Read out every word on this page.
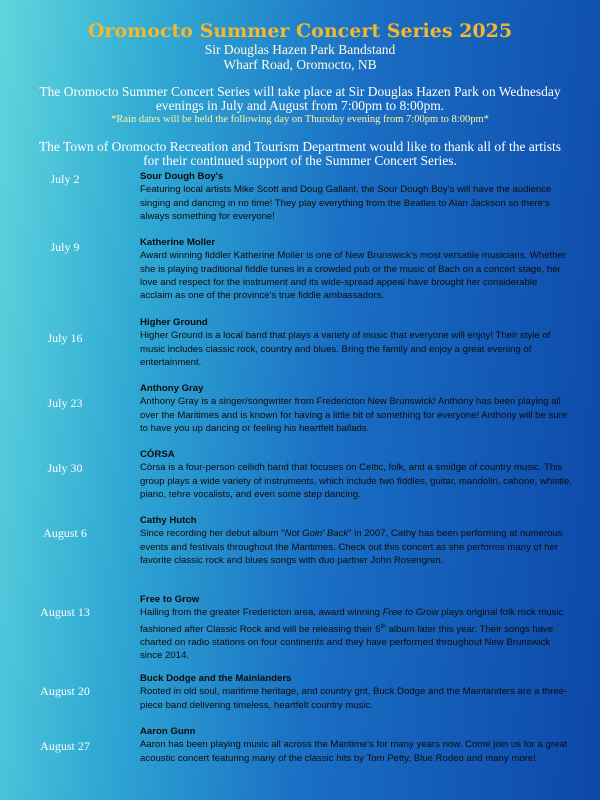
Oromocto Summer Concert Series 2025

Sir Douglas Hazen Park Bandstand

Wharf Road, Oromocto, NB

The Oromocto Summer Concert Series will take place at Sir Douglas Hazen Park on Wednesday evenings in July and August from 7:00pm to 8:00pm.

*Rain dates will be held the following day on Thursday evening from 7:00pm to 8:00pm*

The Town of Oromocto Recreation and Tourism Department would like to thank all of the artists for their continued support of the Summer Concert Series.

July 2	Sour Dough Boy's
Featuring local artists Mike Scott and Doug Gallant, the Sour Dough Boy's will have the audience singing and dancing in no time! They play everything from the Beatles to Alan Jackson so there's always something for everyone!
July 9	Katherine Moller
Award winning fiddler Katherine Moller is one of New Brunswick's most versatile musicians. Whether she is playing traditional fiddle tunes in a crowded pub or the music of Bach on a concert stage, her love and respect for the instrument and its wide-spread appeal have brought her considerable acclaim as one of the province's true fiddle ambassadors.
July 16
Higher Ground
Higher Ground is a local band that plays a variety of music that everyone will enjoy! Their style of music includes classic rock, country and blues. Bring the family and enjoy a great evening of entertainment.
July 23
Anthony Gray
Anthony Gray is a singer/songwriter from Fredericton New Brunswick! Anthony has been playing all over the Maritimes and is known for having a little bit of something for everyone! Anthony will be sure to have you up dancing or feeling his heartfelt ballads.
July 30
CÒRSA
Còrsa is a four-person ceilidh band that focuses on Celtic, folk, and a smidge of country music. This group plays a wide variety of instruments, which include two fiddles, guitar, mandolin, cahone, whistle, piano, tehre vocalists, and even some step dancing.
August 6
Cathy Hutch
Since recording her debut album “Not Goin' Back” in 2007, Cathy has been performing at numerous events and festivals throughout the Maritimes. Check out this concert as she performs many of her favorite classic rock and blues songs with duo partner John Rosengren.
August 13
Free to Grow
Hailing from the greater Fredericton area, award winning Free to Grow plays original folk rock music fashioned after Classic Rock and will be releasing their 6th album later this year. Their songs have charted on radio stations on four continents and they have performed throughout New Brunswick since 2014.
August 20
Buck Dodge and the Mainlanders
Rooted in old soul, maritime heritage, and country grit, Buck Dodge and the Mainlanders are a three-piece band delivering timeless, heartfelt country music.
August 27
Aaron Gunn
Aaron has been playing music all across the Maritime's for many years now. Come join us for a great acoustic concert featuring many of the classic hits by Tom Petty, Blue Rodeo and many more!
